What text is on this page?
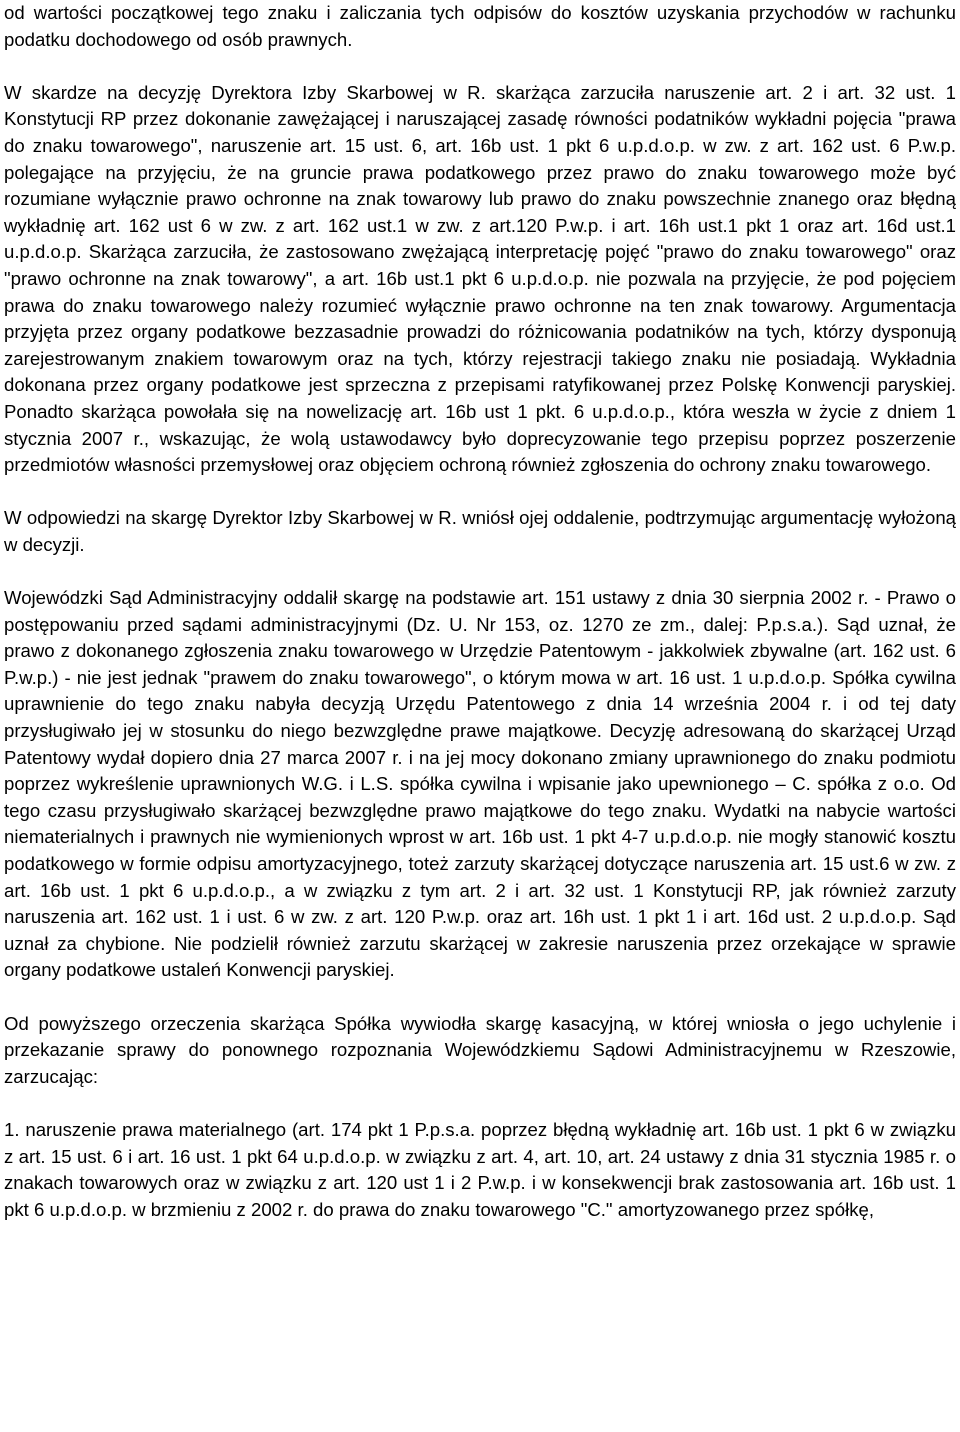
od wartości początkowej tego znaku i zaliczania tych odpisów do kosztów uzyskania przychodów w rachunku podatku dochodowego od osób prawnych.

W skardze na decyzję Dyrektora Izby Skarbowej w R. skarżąca zarzuciła naruszenie art. 2 i art. 32 ust. 1 Konstytucji RP przez dokonanie zawężającej i naruszającej zasadę równości podatników wykładni pojęcia "prawa do znaku towarowego", naruszenie art. 15 ust. 6, art. 16b ust. 1 pkt 6 u.p.d.o.p. w zw. z art. 162 ust. 6 P.w.p. polegające na przyjęciu, że na gruncie prawa podatkowego przez prawo do znaku towarowego może być rozumiane wyłącznie prawo ochronne na znak towarowy lub prawo do znaku powszechnie znanego oraz błędną wykładnię art. 162 ust 6 w zw. z art. 162 ust.1 w zw. z art.120 P.w.p. i art. 16h ust.1 pkt 1 oraz art. 16d ust.1 u.p.d.o.p. Skarżąca zarzuciła, że zastosowano zwężającą interpretację pojęć "prawo do znaku towarowego" oraz "prawo ochronne na znak towarowy", a art. 16b ust.1 pkt 6 u.p.d.o.p. nie pozwala na przyjęcie, że pod pojęciem prawa do znaku towarowego należy rozumieć wyłącznie prawo ochronne na ten znak towarowy. Argumentacja przyjęta przez organy podatkowe bezzasadnie prowadzi do różnicowania podatników na tych, którzy dysponują zarejestrowanym znakiem towarowym oraz na tych, którzy rejestracji takiego znaku nie posiadają. Wykładnia dokonana przez organy podatkowe jest sprzeczna z przepisami ratyfikowanej przez Polskę Konwencji paryskiej. Ponadto skarżąca powołała się na nowelizację art. 16b ust 1 pkt. 6 u.p.d.o.p., która weszła w życie z dniem 1 stycznia 2007 r., wskazując, że wolą ustawodawcy było doprecyzowanie tego przepisu poprzez poszerzenie przedmiotów własności przemysłowej oraz objęciem ochroną również zgłoszenia do ochrony znaku towarowego.

W odpowiedzi na skargę Dyrektor Izby Skarbowej w R. wniósł ojej oddalenie, podtrzymując argumentację wyłożoną w decyzji.

Wojewódzki Sąd Administracyjny oddalił skargę na podstawie art. 151 ustawy z dnia 30 sierpnia 2002 r. - Prawo o postępowaniu przed sądami administracyjnymi (Dz. U. Nr 153, oz. 1270 ze zm., dalej: P.p.s.a.). Sąd uznał, że prawo z dokonanego zgłoszenia znaku towarowego w Urzędzie Patentowym - jakkolwiek zbywalne (art. 162 ust. 6 P.w.p.) - nie jest jednak "prawem do znaku towarowego", o którym mowa w art. 16 ust. 1 u.p.d.o.p. Spółka cywilna uprawnienie do tego znaku nabyła decyzją Urzędu Patentowego z dnia 14 września 2004 r. i od tej daty przysługiwało jej w stosunku do niego bezwzględne prawe majątkowe. Decyzję adresowaną do skarżącej Urząd Patentowy wydał dopiero dnia 27 marca 2007 r. i na jej mocy dokonano zmiany uprawnionego do znaku podmiotu poprzez wykreślenie uprawnionych W.G. i L.S. spółka cywilna i wpisanie jako upewnionego – C. spółka z o.o. Od tego czasu przysługiwało skarżącej bezwzględne prawo majątkowe do tego znaku. Wydatki na nabycie wartości niematerialnych i prawnych nie wymienionych wprost w art. 16b ust. 1 pkt 4-7 u.p.d.o.p. nie mogły stanowić kosztu podatkowego w formie odpisu amortyzacyjnego, toteż zarzuty skarżącej dotyczące naruszenia art. 15 ust.6 w zw. z art. 16b ust. 1 pkt 6 u.p.d.o.p., a w związku z tym art. 2 i art. 32 ust. 1 Konstytucji RP, jak również zarzuty naruszenia art. 162 ust. 1 i ust. 6 w zw. z art. 120 P.w.p. oraz art. 16h ust. 1 pkt 1 i art. 16d ust. 2 u.p.d.o.p. Sąd uznał za chybione. Nie podzielił również zarzutu skarżącej w zakresie naruszenia przez orzekające w sprawie organy podatkowe ustaleń Konwencji paryskiej.

Od powyższego orzeczenia skarżąca Spółka wywiodła skargę kasacyjną, w której wniosła o jego uchylenie i przekazanie sprawy do ponownego rozpoznania Wojewódzkiemu Sądowi Administracyjnemu w Rzeszowie, zarzucając:

1. naruszenie prawa materialnego (art. 174 pkt 1 P.p.s.a. poprzez błędną wykładnię art. 16b ust. 1 pkt 6 w związku z art. 15 ust. 6 i art. 16 ust. 1 pkt 64 u.p.d.o.p. w związku z art. 4, art. 10, art. 24 ustawy z dnia 31 stycznia 1985 r. o znakach towarowych oraz w związku z art. 120 ust 1 i 2 P.w.p. i w konsekwencji brak zastosowania art. 16b ust. 1 pkt 6 u.p.d.o.p. w brzmieniu z 2002 r. do prawa do znaku towarowego "C." amortyzowanego przez spółkę,
